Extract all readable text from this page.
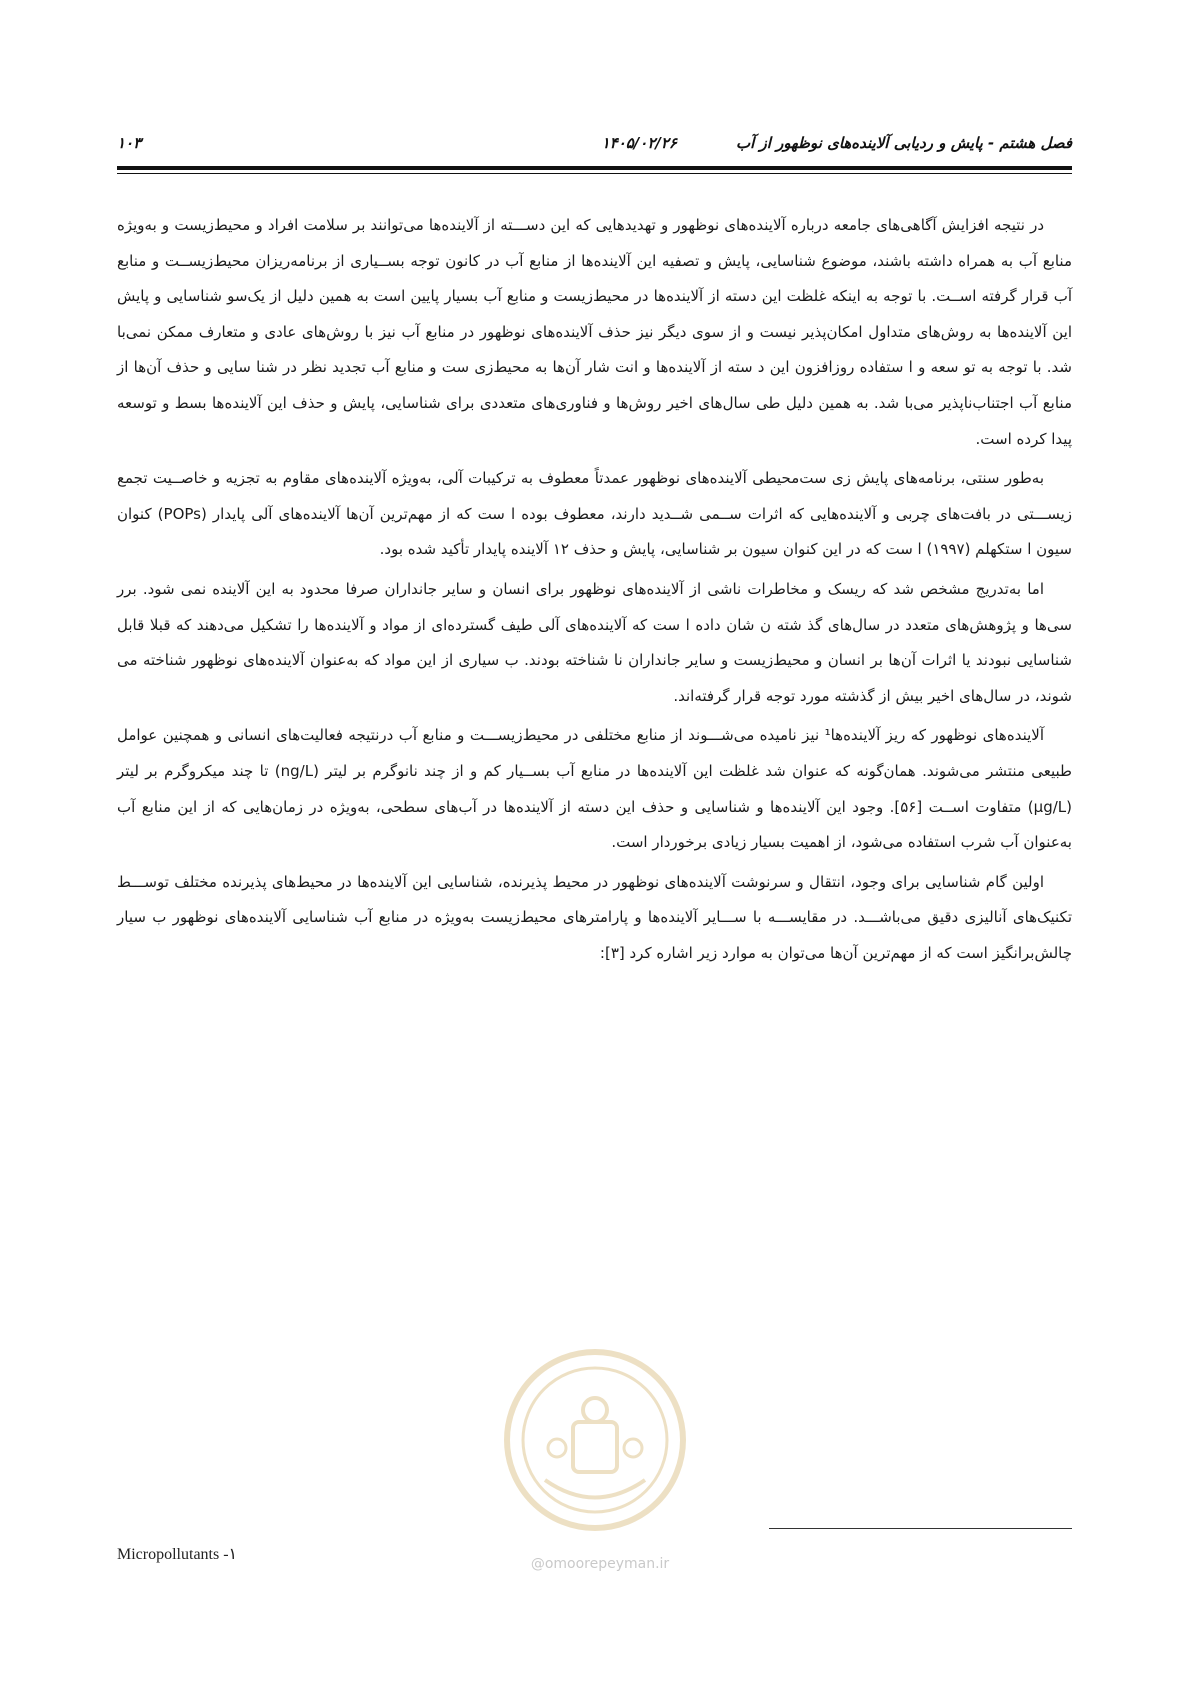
فصل هشتم - پایش و ردیابی آلاینده‌های نوظهور از آب
۱۴۰۵/۰۲/۲۶
۱۰۳

در نتیجه افزایش آگاهی‌های جامعه درباره آلاینده‌های نوظهور و تهدیدهایی که این دســـته از آلاینده‌ها می‌توانند بر سلامت افراد و محیط‌زیست و به‌ویژه منابع آب به همراه داشته باشند، موضوع شناسایی، پایش و تصفیه این آلاینده‌ها از منابع آب در کانون توجه بســیاری از برنامه‌ریزان محیط‌زیســت و منابع آب قرار گرفته اســت. با توجه به اینکه غلظت این دسته از آلاینده‌ها در محیط‌زیست و منابع آب بسیار پایین است به همین دلیل از یک‌سو شناسایی و پایش این آلاینده‌ها به روش‌های متداول امکان‌پذیر نیست و از سوی دیگر نیز حذف آلاینده‌های نوظهور در منابع آب نیز با روش‌های عادی و متعارف ممکن نمی‌با شد. با توجه به تو سعه و ا ستفاده روزافزون این د سته از آلاینده‌ها و انت شار آن‌ها به محیط‌زی ست و منابع آب تجدید نظر در شنا سایی و حذف آن‌ها از منابع آب اجتناب‌ناپذیر می‌با شد. به همین دلیل طی سال‌های اخیر روش‌ها و فناوری‌های متعددی برای شناسایی، پایش و حذف این آلاینده‌ها بسط و توسعه پیدا کرده است.

به‌طور سنتی، برنامه‌های پایش زی ست‌محیطی آلاینده‌های نوظهور عمدتاً معطوف به ترکیبات آلی، به‌ویژه آلاینده‌های مقاوم به تجزیه و خاصــیت تجمع زیســـتی در بافت‌های چربی و آلاینده‌هایی که اثرات ســمی شــدید دارند، معطوف بوده ا ست که از مهم‌ترین آن‌ها آلاینده‌های آلی پایدار (POPs) کنوان سیون ا ستکهلم (۱۹۹۷) ا ست که در این کنوان سیون بر شناسایی، پایش و حذف ۱۲ آلاینده پایدار تأکید شده بود.

اما به‌تدریج مشخص شد که ریسک و مخاطرات ناشی از آلاینده‌های نوظهور برای انسان و سایر جانداران صرفا محدود به این آلاینده نمی شود. برر سی‌ها و پژوهش‌های متعدد در سال‌های گذ شته ن شان داده ا ست که آلاینده‌های آلی طیف گسترده‌ای از مواد و آلاینده‌ها را تشکیل می‌دهند که قبلا قابل شناسایی نبودند یا اثرات آن‌ها بر انسان و محیط‌زیست و سایر جانداران نا شناخته بودند. ب سیاری از این مواد که به‌عنوان آلاینده‌های نوظهور شناخته می شوند، در سال‌های اخیر بیش از گذشته مورد توجه قرار گرفته‌اند.

آلاینده‌های نوظهور که ریز آلاینده‌ها¹ نیز نامیده می‌شـــوند از منابع مختلفی در محیط‌زیســـت و منابع آب درنتیجه فعالیت‌های انسانی و همچنین عوامل طبیعی منتشر می‌شوند. همان‌گونه که عنوان شد غلظت این آلاینده‌ها در منابع آب بســیار کم و از چند نانوگرم بر لیتر (ng/L) تا چند میکروگرم بر لیتر (µg/L) متفاوت اســت [۵۶]. وجود این آلاینده‌ها و شناسایی و حذف این دسته از آلاینده‌ها در آب‌های سطحی، به‌ویژه در زمان‌هایی که از این منابع آب به‌عنوان آب شرب استفاده می‌شود، از اهمیت بسیار زیادی برخوردار است.

اولین گام شناسایی برای وجود، انتقال و سرنوشت آلاینده‌های نوظهور در محیط پذیرنده، شناسایی این آلاینده‌ها در محیط‌های پذیرنده مختلف توســـط تکنیک‌های آنالیزی دقیق می‌باشـــد. در مقایســـه با ســـایر آلاینده‌ها و پارامترهای محیط‌زیست به‌ویژه در منابع آب شناسایی آلاینده‌های نوظهور ب سیار چالش‌برانگیز است که از مهم‌ترین آن‌ها می‌توان به موارد زیر اشاره کرد [۳]:

@omoorepeyman.ir
۱- Micropollutants
